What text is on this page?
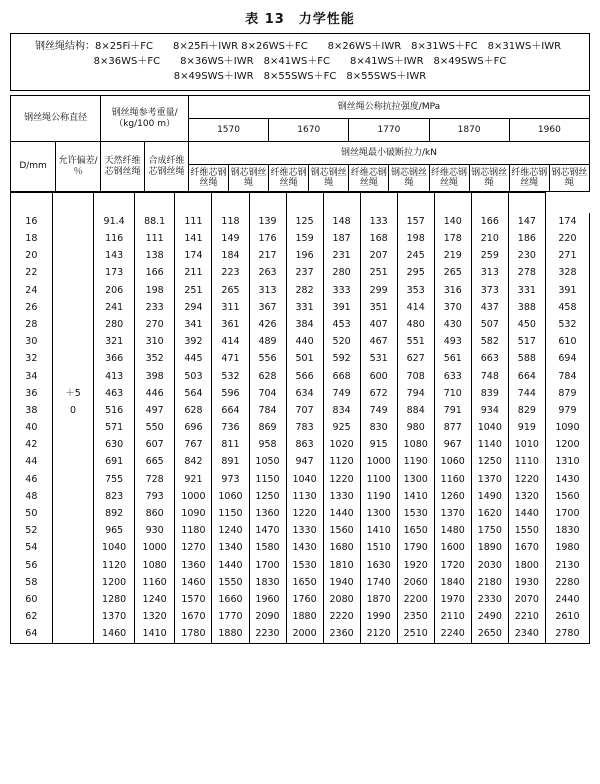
表 13　力学性能
钢丝绳结构：8×25Fi＋FC　　8×25Fi＋IWR 8×26WS＋FC　　8×26WS＋IWR　8×31WS＋FC　8×31WS＋IWR
8×36WS＋FC　　8×36WS＋IWR　8×41WS＋FC　　8×41WS＋IWR　8×49SWS＋FC
8×49SWS＋IWR　8×55SWS＋FC　8×55SWS＋IWR
钢丝绳公称直径		钢丝绳参考重量/（kg/100 m）		钢丝绳公称抗拉强度/MPa									
				1570		1670		1770		1870		1960	
D/mm	允许偏差/％	天然纤维芯钢丝绳	合成纤维芯钢丝绳	钢丝绳最小破断拉力/kN									
				纤维芯钢丝绳	钢芯钢丝绳	纤维芯钢丝绳	钢芯钢丝绳	纤维芯钢丝绳	钢芯钢丝绳	纤维芯钢丝绳	钢芯钢丝绳	纤维芯钢丝绳	钢芯钢丝绳

16		91.4	88.1	111	118	139	125	148	133	157	140	166	147	174
18		116	111	141	149	176	159	187	168	198	178	210	186	220
20		143	138	174	184	217	196	231	207	245	219	259	230	271
22		173	166	211	223	263	237	280	251	295	265	313	278	328
24		206	198	251	265	313	282	333	299	353	316	373	331	391
26		241	233	294	311	367	331	391	351	414	370	437	388	458
28		280	270	341	361	426	384	453	407	480	430	507	450	532
30		321	310	392	414	489	440	520	467	551	493	582	517	610
32		366	352	445	471	556	501	592	531	627	561	663	588	694
34		413	398	503	532	628	566	668	600	708	633	748	664	784
36	＋5	463	446	564	596	704	634	749	672	794	710	839	744	879
38	0	516	497	628	664	784	707	834	749	884	791	934	829	979
40		571	550	696	736	869	783	925	830	980	877	1040	919	1090
42		630	607	767	811	958	863	1020	915	1080	967	1140	1010	1200
44		691	665	842	891	1050	947	1120	1000	1190	1060	1250	1110	1310
46		755	728	921	973	1150	1040	1220	1100	1300	1160	1370	1220	1430
48		823	793	1000	1060	1250	1130	1330	1190	1410	1260	1490	1320	1560
50		892	860	1090	1150	1360	1220	1440	1300	1530	1370	1620	1440	1700
52		965	930	1180	1240	1470	1330	1560	1410	1650	1480	1750	1550	1830
54		1040	1000	1270	1340	1580	1430	1680	1510	1790	1600	1890	1670	1980
56		1120	1080	1360	1440	1700	1530	1810	1630	1920	1720	2030	1800	2130
58		1200	1160	1460	1550	1830	1650	1940	1740	2060	1840	2180	1930	2280
60		1280	1240	1570	1660	1960	1760	2080	1870	2200	1970	2330	2070	2440
62		1370	1320	1670	1770	2090	1880	2220	1990	2350	2110	2490	2210	2610
64		1460	1410	1780	1880	2230	2000	2360	2120	2510	2240	2650	2340	2780
